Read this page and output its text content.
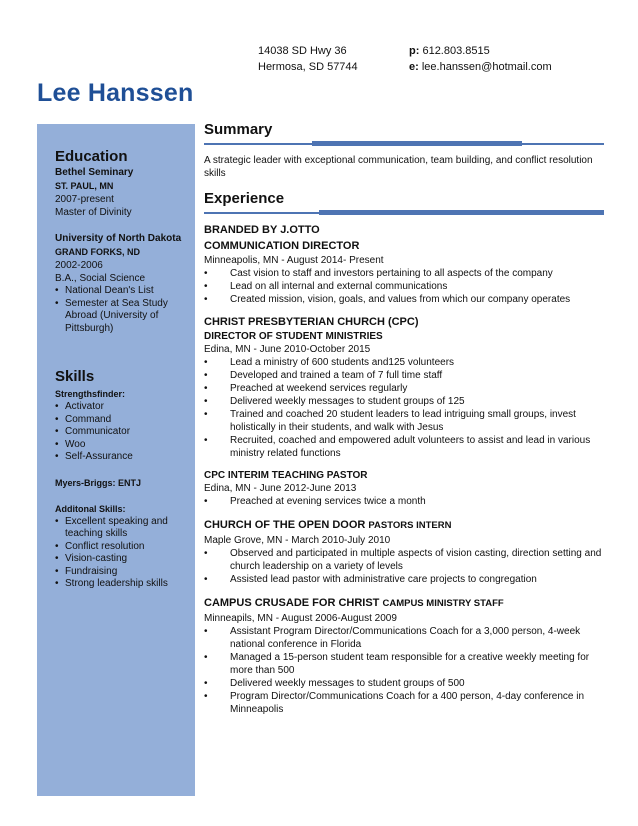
14038 SD Hwy 36
Hermosa, SD 57744
p: 612.803.8515
e: lee.hanssen@hotmail.com
Lee Hanssen
Education
Bethel Seminary
ST. PAUL, MN
2007-present
Master of Divinity
University of North Dakota
GRAND FORKS, ND
2002-2006
B.A., Social Science
• National Dean's List
• Semester at Sea Study Abroad (University of Pittsburgh)
Skills
Strengthsfinder:
• Activator
• Command
• Communicator
• Woo
• Self-Assurance
Myers-Briggs: ENTJ
Additonal Skills:
• Excellent speaking and teaching skills
• Conflict resolution
• Vision-casting
• Fundraising
• Strong leadership skills
Summary
A strategic leader with exceptional communication, team building, and conflict resolution skills
Experience
BRANDED BY J.OTTO
COMMUNICATION DIRECTOR
Minneapolis, MN - August 2014- Present
• Cast vision to staff and investors pertaining to all aspects of the company
• Lead on all internal and external communications
• Created mission, vision, goals, and values from which our company operates
CHRIST PRESBYTERIAN CHURCH (CPC)
DIRECTOR OF STUDENT MINISTRIES
Edina, MN - June 2010-October 2015
• Lead a ministry of 600 students and125 volunteers
• Developed and trained a team of 7 full time staff
• Preached at weekend services regularly
• Delivered weekly messages to student groups of 125
• Trained and coached 20 student leaders to lead intriguing small groups, invest holistically in their students, and walk with Jesus
• Recruited, coached and empowered adult volunteers to assist and lead in various ministry related functions
CPC INTERIM TEACHING PASTOR
Edina, MN - June 2012-June 2013
• Preached at evening services twice a month
CHURCH OF THE OPEN DOOR PASTORS INTERN
Maple Grove, MN - March 2010-July 2010
• Observed and participated in multiple aspects of vision casting, direction setting and church leadership on a variety of levels
• Assisted lead pastor with administrative care projects to congregation
CAMPUS CRUSADE FOR CHRIST CAMPUS MINISTRY STAFF
Minneapils, MN - August 2006-August 2009
• Assistant Program Director/Communications Coach for a 3,000 person, 4-week national conference in Florida
• Managed a 15-person student team responsible for a creative weekly meeting for more than 500
• Delivered weekly messages to student groups of 500
• Program Director/Communications Coach for a 400 person, 4-day conference in Minneapolis
